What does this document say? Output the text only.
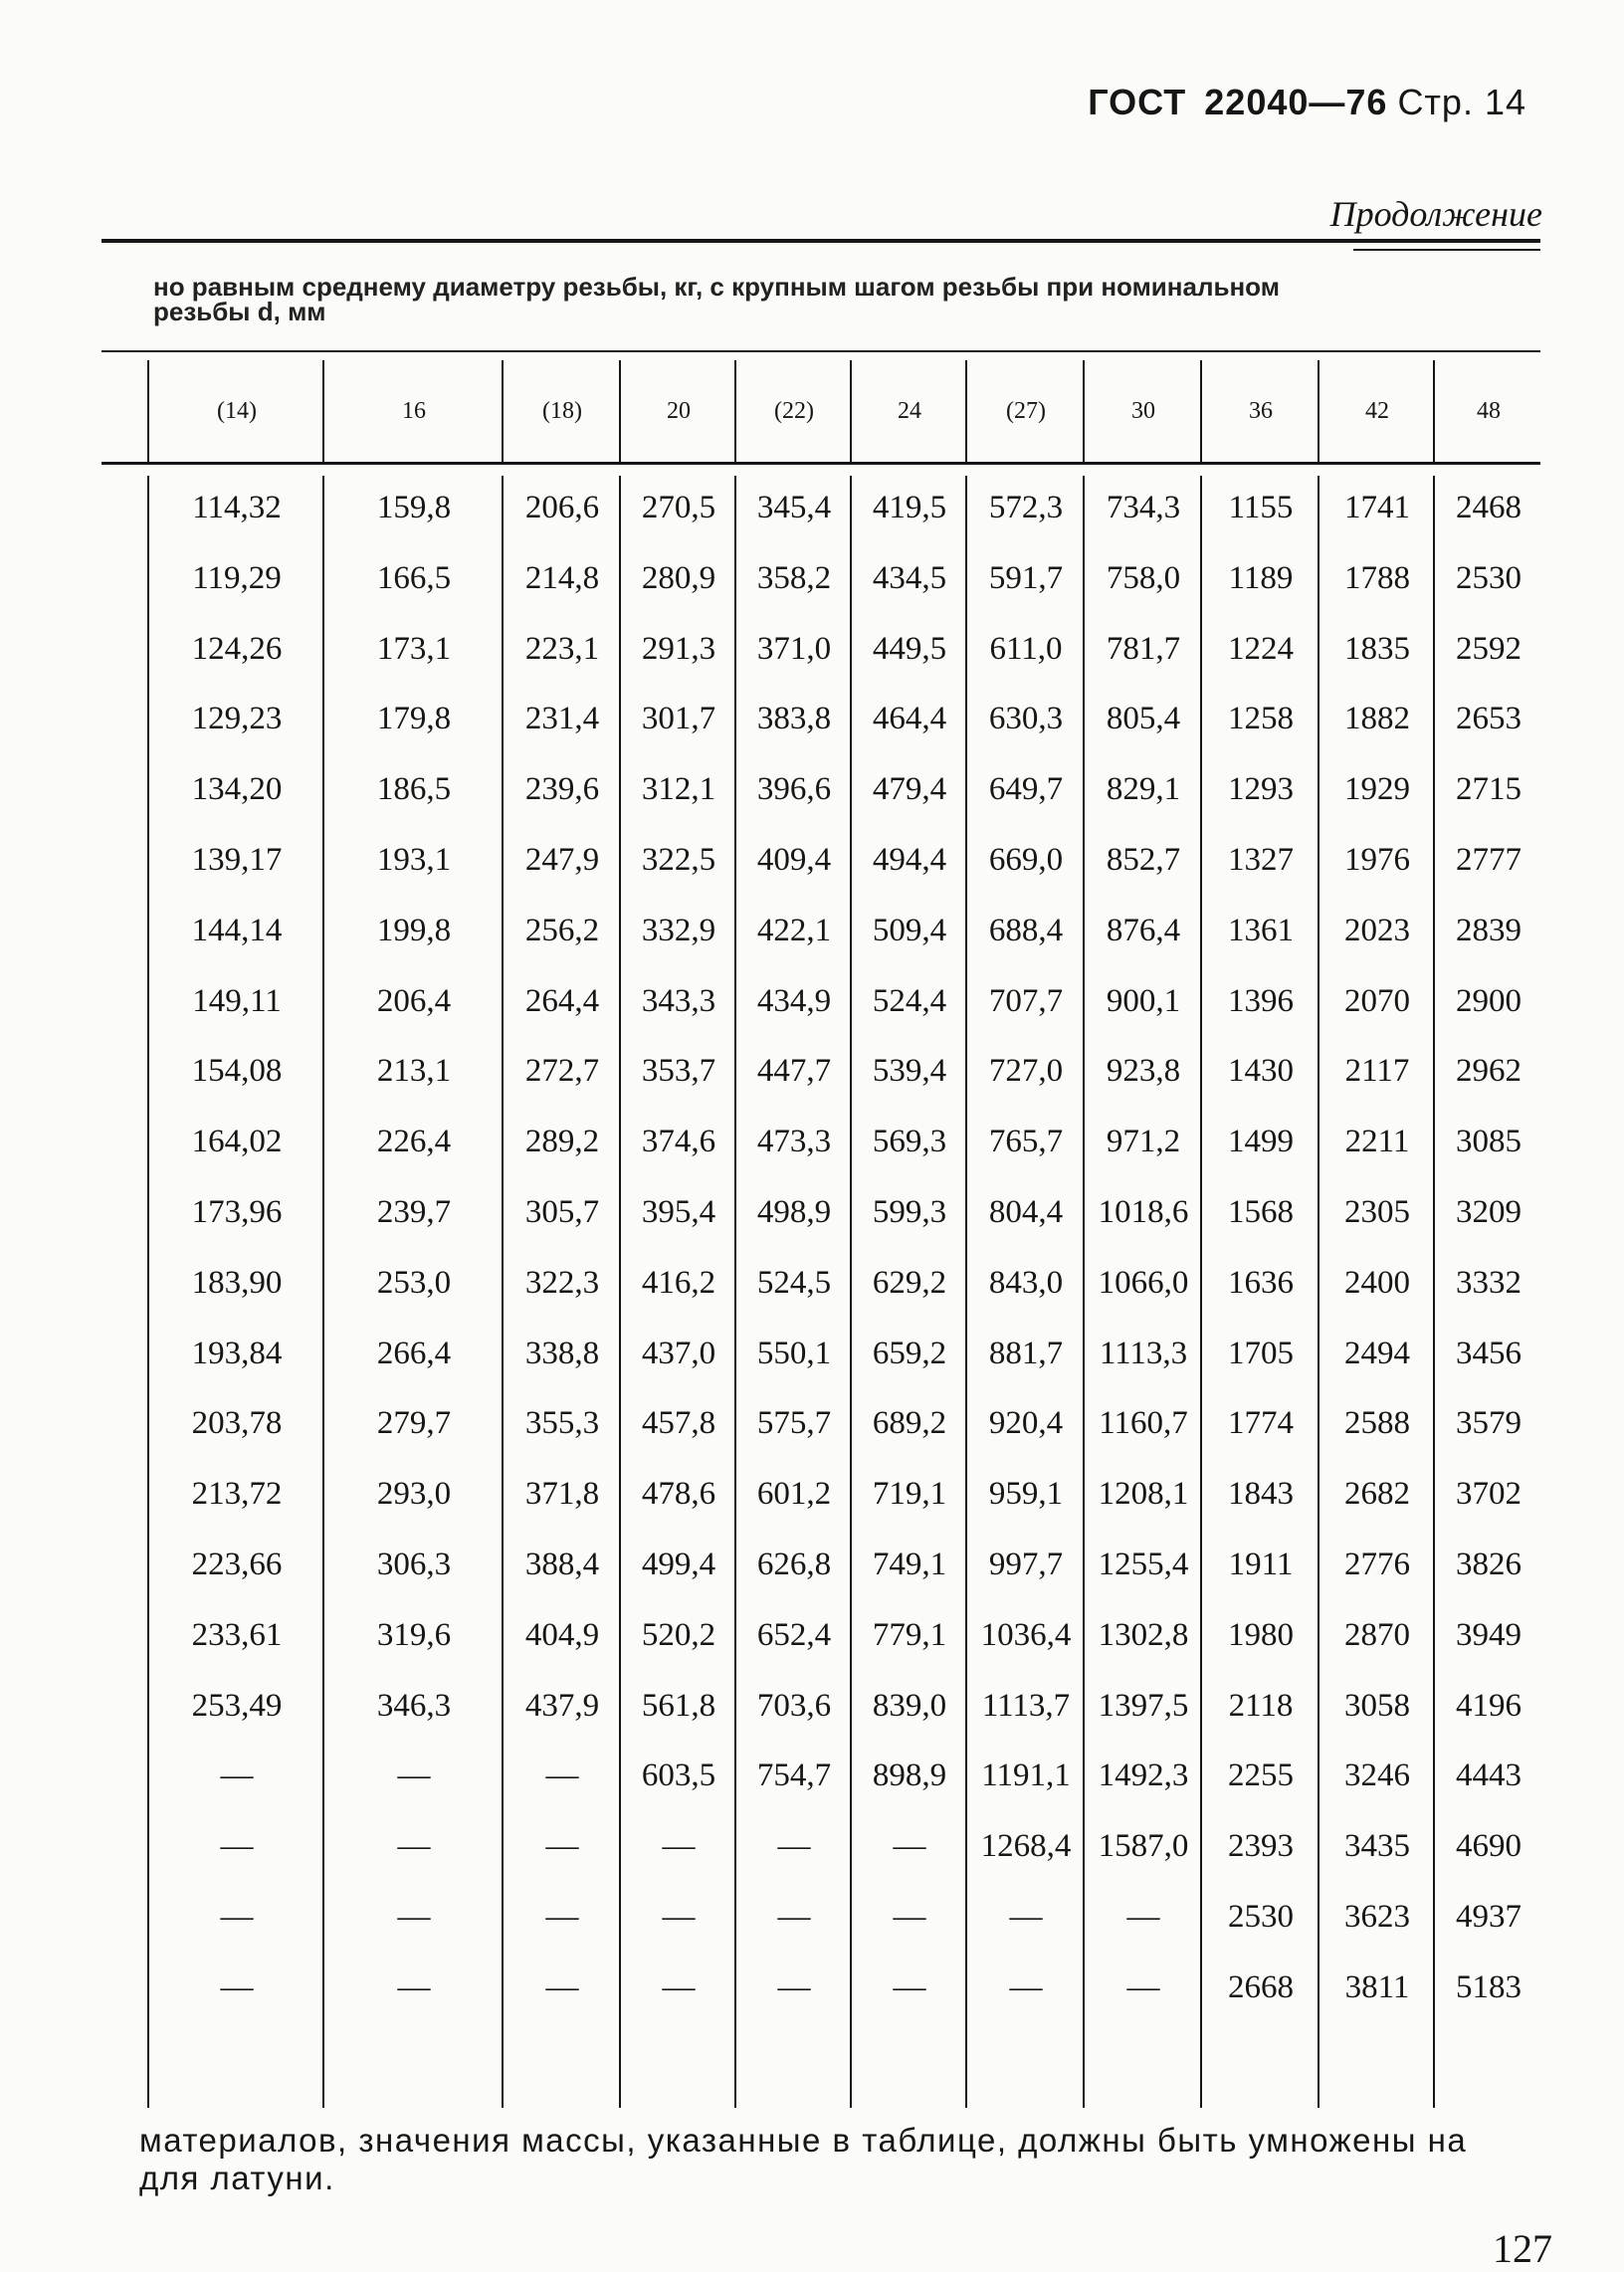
ГОСТ 22040—76 Стр. 14
Продолжение
но равным среднему диаметру резьбы, кг, с крупным шагом резьбы при номинальном
резьбы d, мм
(14)	16	(18)	20	(22)	24	(27)	30	36	42	48
114,32	159,8	206,6	270,5	345,4	419,5	572,3	734,3	1155	1741	2468
119,29	166,5	214,8	280,9	358,2	434,5	591,7	758,0	1189	1788	2530
124,26	173,1	223,1	291,3	371,0	449,5	611,0	781,7	1224	1835	2592
129,23	179,8	231,4	301,7	383,8	464,4	630,3	805,4	1258	1882	2653
134,20	186,5	239,6	312,1	396,6	479,4	649,7	829,1	1293	1929	2715
139,17	193,1	247,9	322,5	409,4	494,4	669,0	852,7	1327	1976	2777
144,14	199,8	256,2	332,9	422,1	509,4	688,4	876,4	1361	2023	2839
149,11	206,4	264,4	343,3	434,9	524,4	707,7	900,1	1396	2070	2900
154,08	213,1	272,7	353,7	447,7	539,4	727,0	923,8	1430	2117	2962
164,02	226,4	289,2	374,6	473,3	569,3	765,7	971,2	1499	2211	3085
173,96	239,7	305,7	395,4	498,9	599,3	804,4	1018,6	1568	2305	3209
183,90	253,0	322,3	416,2	524,5	629,2	843,0	1066,0	1636	2400	3332
193,84	266,4	338,8	437,0	550,1	659,2	881,7	1113,3	1705	2494	3456
203,78	279,7	355,3	457,8	575,7	689,2	920,4	1160,7	1774	2588	3579
213,72	293,0	371,8	478,6	601,2	719,1	959,1	1208,1	1843	2682	3702
223,66	306,3	388,4	499,4	626,8	749,1	997,7	1255,4	1911	2776	3826
233,61	319,6	404,9	520,2	652,4	779,1	1036,4 1302,8	1980	2870	3949
253,49	346,3	437,9	561,8	703,6	839,0	1113,7 1397,5	2118	3058	4196
—	—	—	603,5	754,7	898,9	1191,1 1492,3	2255	3246	4443
—	—	—	—	—	—	1268,4 1587,0	2393	3435	4690
—	—	—	—	—	—	—	—	2530	3623	4937
—	—	—	—	—	—	—	—	2668	3811	5183
материалов, значения массы, указанные в таблице, должны быть умножены на
для латуни.
127
